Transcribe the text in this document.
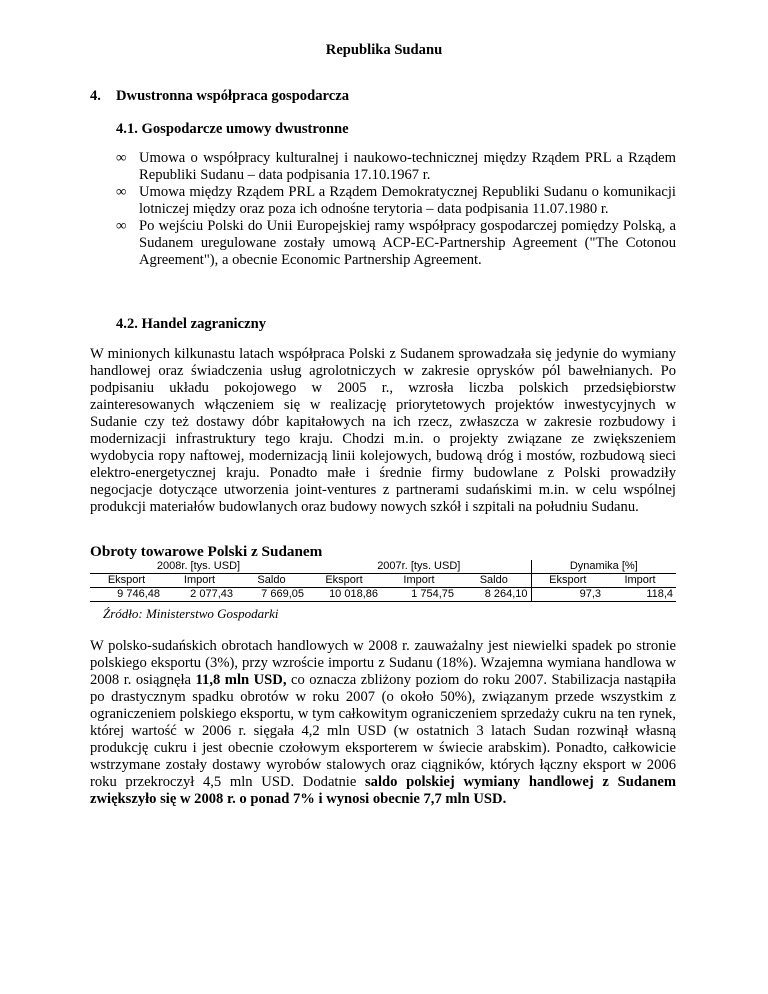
Republika Sudanu
4. Dwustronna współpraca gospodarcza
4.1. Gospodarcze umowy dwustronne
∞ Umowa o współpracy kulturalnej i naukowo-technicznej między Rządem PRL a Rządem Republiki Sudanu – data podpisania 17.10.1967 r.
∞ Umowa między Rządem PRL a Rządem Demokratycznej Republiki Sudanu o komunikacji lotniczej między oraz poza ich odnośne terytoria – data podpisania 11.07.1980 r.
∞ Po wejściu Polski do Unii Europejskiej ramy współpracy gospodarczej pomiędzy Polską, a Sudanem uregulowane zostały umową ACP-EC-Partnership Agreement ("The Cotonou Agreement"), a obecnie Economic Partnership Agreement.
4.2. Handel zagraniczny

W minionych kilkunastu latach współpraca Polski z Sudanem sprowadzała się jedynie do wymiany handlowej oraz świadczenia usług agrolotniczych w zakresie oprysków pól bawełnianych. Po podpisaniu układu pokojowego w 2005 r., wzrosła liczba polskich przedsiębiorstw zainteresowanych włączeniem się w realizację priorytetowych projektów inwestycyjnych w Sudanie czy też dostawy dóbr kapitałowych na ich rzecz, zwłaszcza w zakresie rozbudowy i modernizacji infrastruktury tego kraju. Chodzi m.in. o projekty związane ze zwiększeniem wydobycia ropy naftowej, modernizacją linii kolejowych, budową dróg i mostów, rozbudową sieci elektro-energetycznej kraju. Ponadto małe i średnie firmy budowlane z Polski prowadziły negocjacje dotyczące utworzenia joint-ventures z partnerami sudańskimi m.in. w celu wspólnej produkcji materiałów budowlanych oraz budowy nowych szkół i szpitali na południu Sudanu.

Obroty towarowe Polski z Sudanem
2008r. [tys. USD]			2007r. [tys. USD]			Dynamika [%]	
Eksport	Import	Saldo	Eksport	Import	Saldo	Eksport	Import
9 746,48	2 077,43	7 669,05	10 018,86	1 754,75	8 264,10	97,3	118,4
Źródło: Ministerstwo Gospodarki

W polsko-sudańskich obrotach handlowych w 2008 r. zauważalny jest niewielki spadek po stronie polskiego eksportu (3%), przy wzroście importu z Sudanu (18%). Wzajemna wymiana handlowa w 2008 r. osiągnęła 11,8 mln USD, co oznacza zbliżony poziom do roku 2007. Stabilizacja nastąpiła po drastycznym spadku obrotów w roku 2007 (o około 50%), związanym przede wszystkim z ograniczeniem polskiego eksportu, w tym całkowitym ograniczeniem sprzedaży cukru na ten rynek, której wartość w 2006 r. sięgała 4,2 mln USD (w ostatnich 3 latach Sudan rozwinął własną produkcję cukru i jest obecnie czołowym eksporterem w świecie arabskim). Ponadto, całkowicie wstrzymane zostały dostawy wyrobów stalowych oraz ciągników, których łączny eksport w 2006 roku przekroczył 4,5 mln USD. Dodatnie saldo polskiej wymiany handlowej z Sudanem zwiększyło się w 2008 r. o ponad 7% i wynosi obecnie 7,7 mln USD.
